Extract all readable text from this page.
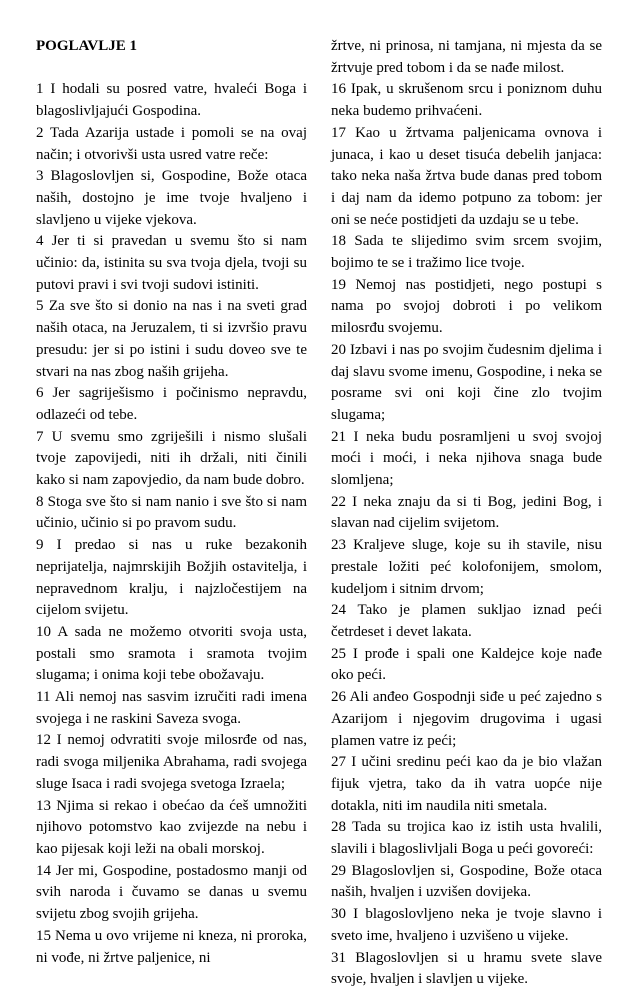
POGLAVLJE 1

1 I hodali su posred vatre, hvaleći Boga i blagoslivljajući Gospodina.

2 Tada Azarija ustade i pomoli se na ovaj način; i otvorivši usta usred vatre reče:

3 Blagoslovljen si, Gospodine, Bože otaca naših, dostojno je ime tvoje hvaljeno i slavljeno u vijeke vjekova.

4 Jer ti si pravedan u svemu što si nam učinio: da, istinita su sva tvoja djela, tvoji su putovi pravi i svi tvoji sudovi istiniti.

5 Za sve što si donio na nas i na sveti grad naših otaca, na Jeruzalem, ti si izvršio pravu presudu: jer si po istini i sudu doveo sve te stvari na nas zbog naših grijeha.

6 Jer sagriješismo i počinismo nepravdu, odlazeći od tebe.

7 U svemu smo zgriješili i nismo slušali tvoje zapovijedi, niti ih držali, niti činili kako si nam zapovjedio, da nam bude dobro.

8 Stoga sve što si nam nanio i sve što si nam učinio, učinio si po pravom sudu.

9 I predao si nas u ruke bezakonih neprijatelja, najmrskijih Božjih ostavitelja, i nepravednom kralju, i najzločestijem na cijelom svijetu.

10 A sada ne možemo otvoriti svoja usta, postali smo sramota i sramota tvojim slugama; i onima koji tebe obožavaju.

11 Ali nemoj nas sasvim izručiti radi imena svojega i ne raskini Saveza svoga.

12 I nemoj odvratiti svoje milosrđe od nas, radi svoga miljenika Abrahama, radi svojega sluge Isaca i radi svojega svetoga Izraela;

13 Njima si rekao i obećao da ćeš umnožiti njihovo potomstvo kao zvijezde na nebu i kao pijesak koji leži na obali morskoj.

14 Jer mi, Gospodine, postadosmo manji od svih naroda i čuvamo se danas u svemu svijetu zbog svojih grijeha.

15 Nema u ovo vrijeme ni kneza, ni proroka, ni vođe, ni žrtve paljenice, ni

žrtve, ni prinosa, ni tamjana, ni mjesta da se žrtvuje pred tobom i da se nađe milost.

16 Ipak, u skrušenom srcu i poniznom duhu neka budemo prihvaćeni.

17 Kao u žrtvama paljenicama ovnova i junaca, i kao u deset tisuća debelih janjaca: tako neka naša žrtva bude danas pred tobom i daj nam da idemo potpuno za tobom: jer oni se neće postidjeti da uzdaju se u tebe.

18 Sada te slijedimo svim srcem svojim, bojimo te se i tražimo lice tvoje.

19 Nemoj nas postidjeti, nego postupi s nama po svojoj dobroti i po velikom milosrđu svojemu.

20 Izbavi i nas po svojim čudesnim djelima i daj slavu svome imenu, Gospodine, i neka se posrame svi oni koji čine zlo tvojim slugama;

21 I neka budu posramljeni u svoj svojoj moći i moći, i neka njihova snaga bude slomljena;

22 I neka znaju da si ti Bog, jedini Bog, i slavan nad cijelim svijetom.

23 Kraljeve sluge, koje su ih stavile, nisu prestale ložiti peć kolofonijem, smolom, kudeljom i sitnim drvom;

24 Tako je plamen sukljao iznad peći četrdeset i devet lakata.

25 I prođe i spali one Kaldejce koje nađe oko peći.

26 Ali anđeo Gospodnji siđe u peć zajedno s Azarijom i njegovim drugovima i ugasi plamen vatre iz peći;

27 I učini sredinu peći kao da je bio vlažan fijuk vjetra, tako da ih vatra uopće nije dotakla, niti im naudila niti smetala.

28 Tada su trojica kao iz istih usta hvalili, slavili i blagoslivljali Boga u peći govoreći:

29 Blagoslovljen si, Gospodine, Bože otaca naših, hvaljen i uzvišen dovijeka.

30 I blagoslovljeno neka je tvoje slavno i sveto ime, hvaljeno i uzvišeno u vijeke.

31 Blagoslovljen si u hramu svete slave svoje, hvaljen i slavljen u vijeke.
